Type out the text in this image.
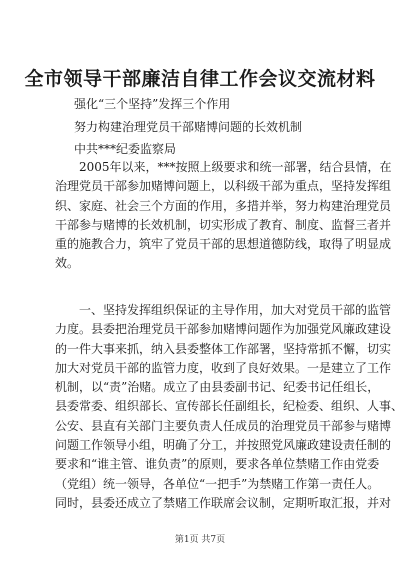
全市领导干部廉洁自律工作会议交流材料
强化“三个坚持”发挥三个作用
努力构建治理党员干部赌博问题的长效机制
中共***纪委监察局
2005年以来，***按照上级要求和统一部署，结合县情，在
治理党员干部参加赌博问题上，以科级干部为重点，坚持发挥组
织、家庭、社会三个方面的作用，多措并举，努力构建治理党员
干部参与赌博的长效机制，切实形成了教育、制度、监督三者并
重的施教合力，筑牢了党员干部的思想道德防线，取得了明显成
效。
一、坚持发挥组织保证的主导作用，加大对党员干部的监管
力度。县委把治理党员干部参加赌博问题作为加强党风廉政建设
的一件大事来抓，纳入县委整体工作部署，坚持常抓不懈，切实
加大对党员干部的监管力度，收到了良好效果。一是建立了工作
机制，以“责”治赌。成立了由县委副书记、纪委书记任组长，
县委常委、组织部长、宣传部长任副组长，纪检委、组织、人事、
公安、县直有关部门主要负责人任成员的治理党员干部参与赌博
问题工作领导小组，明确了分工，并按照党风廉政建设责任制的
要求和“谁主管、谁负责”的原则，要求各单位禁赌工作由党委
（党组）统一领导，各单位“一把手”为禁赌工作第一责任人。
同时，县委还成立了禁赌工作联席会议制，定期听取汇报，并对
第1页 共7页
